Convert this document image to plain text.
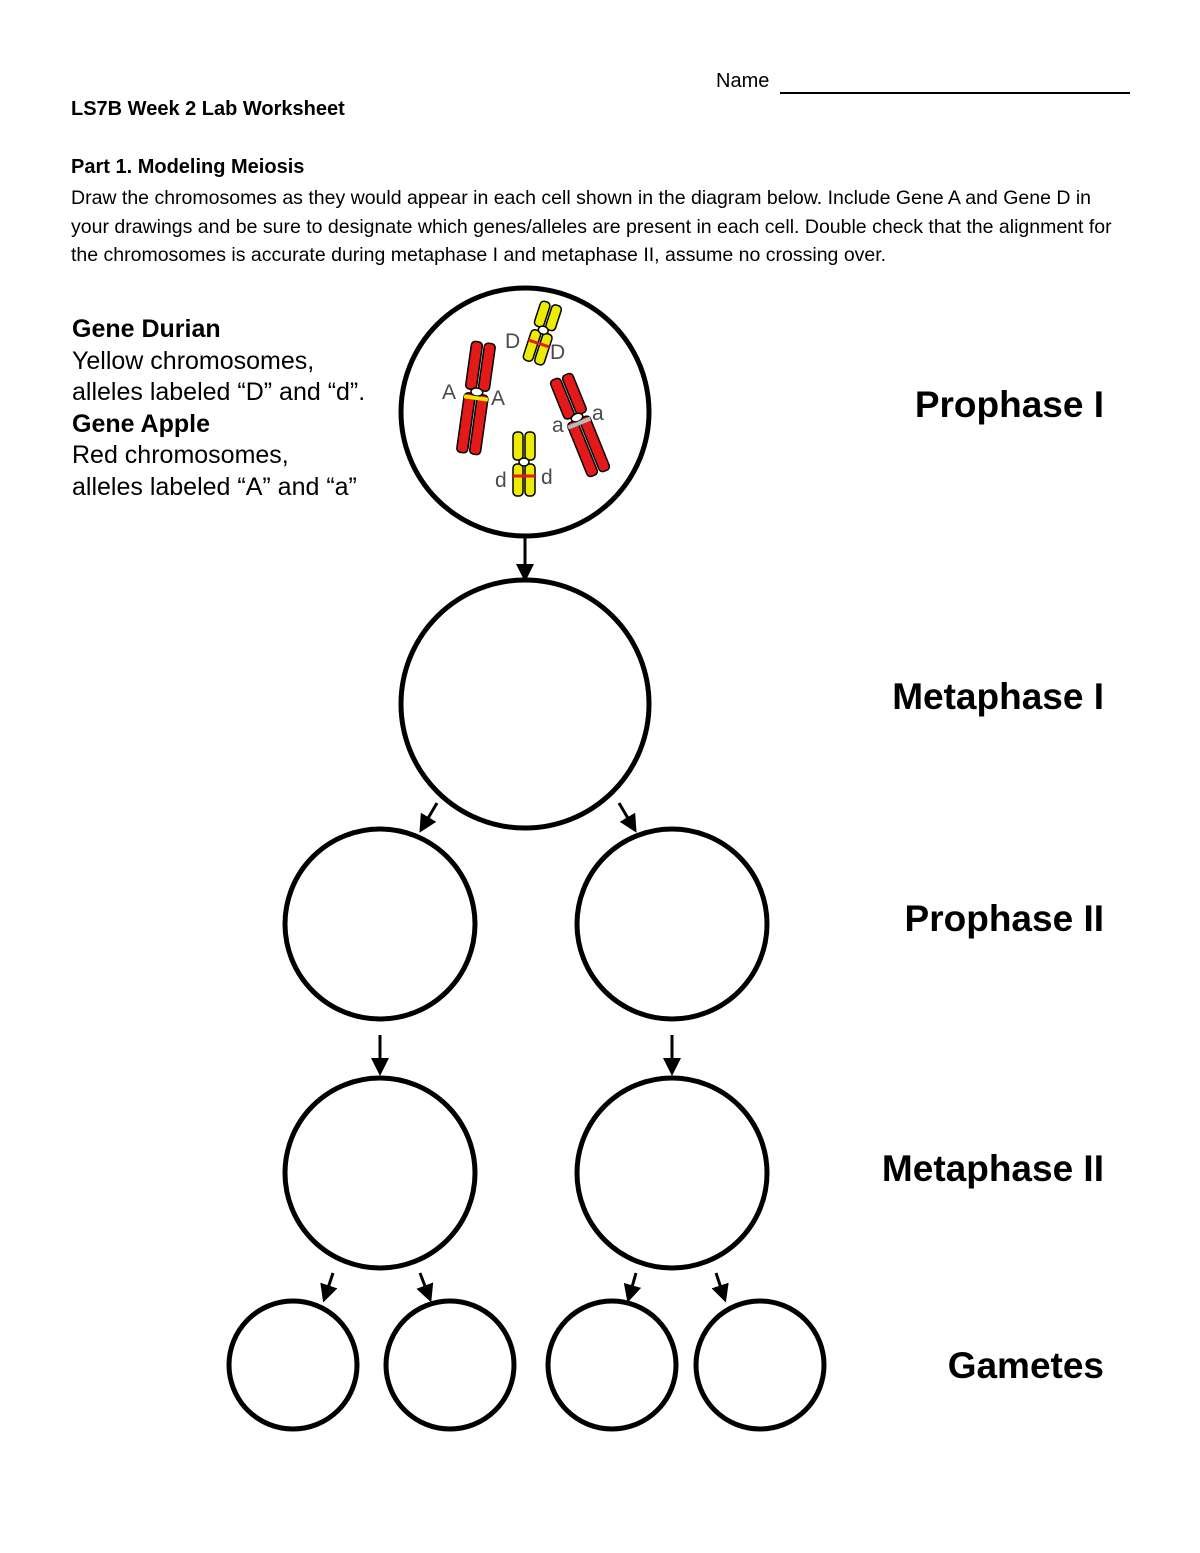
Name
LS7B Week 2 Lab Worksheet
Part 1. Modeling Meiosis
Draw the chromosomes as they would appear in each cell shown in the diagram below. Include Gene A and Gene D in your drawings and be sure to designate which genes/alleles are present in each cell. Double check that the alignment for the chromosomes is accurate during metaphase I and metaphase II, assume no crossing over.
Gene Durian
Yellow chromosomes,
alleles labeled “D” and “d”.
Gene Apple
Red chromosomes,
alleles labeled “A” and “a”
Prophase I
Metaphase I
Prophase II
Metaphase II
Gametes
D D
A A
a
a
d d
